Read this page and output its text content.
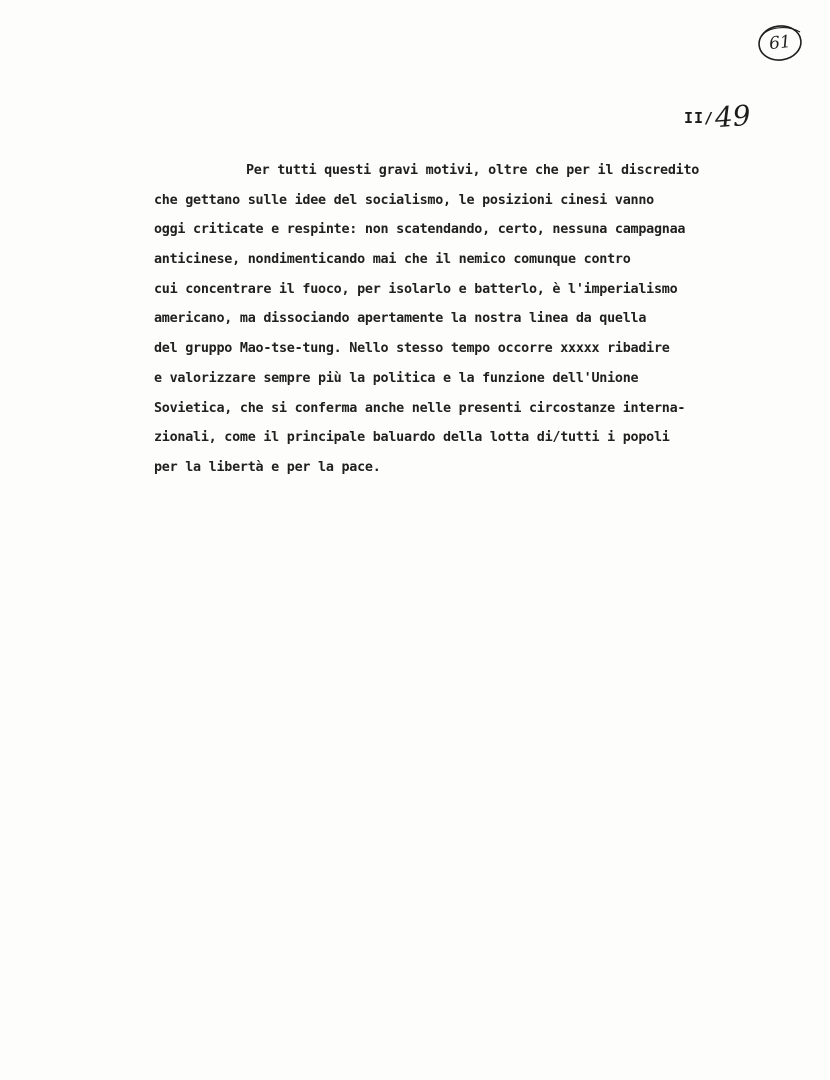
61
II/ 49
Per tutti questi gravi motivi, oltre che per il discredito
che gettano sulle idee del socialismo, le posizioni cinesi vanno
oggi criticate e respinte: non scatendando, certo, nessuna campagnaa
anticinese, nondimenticando mai che il nemico comunque contro
cui concentrare il fuoco, per isolarlo e batterlo, è l'imperialismo
americano, ma dissociando apertamente la nostra linea da quella
del gruppo Mao-tse-tung. Nello stesso tempo occorre xxxxx ribadire
e valorizzare sempre più la politica e la funzione dell'Unione
Sovietica, che si conferma anche nelle presenti circostanze interna-
zionali, come il principale baluardo della lotta di/tutti i popoli
per la libertà e per la pace.
